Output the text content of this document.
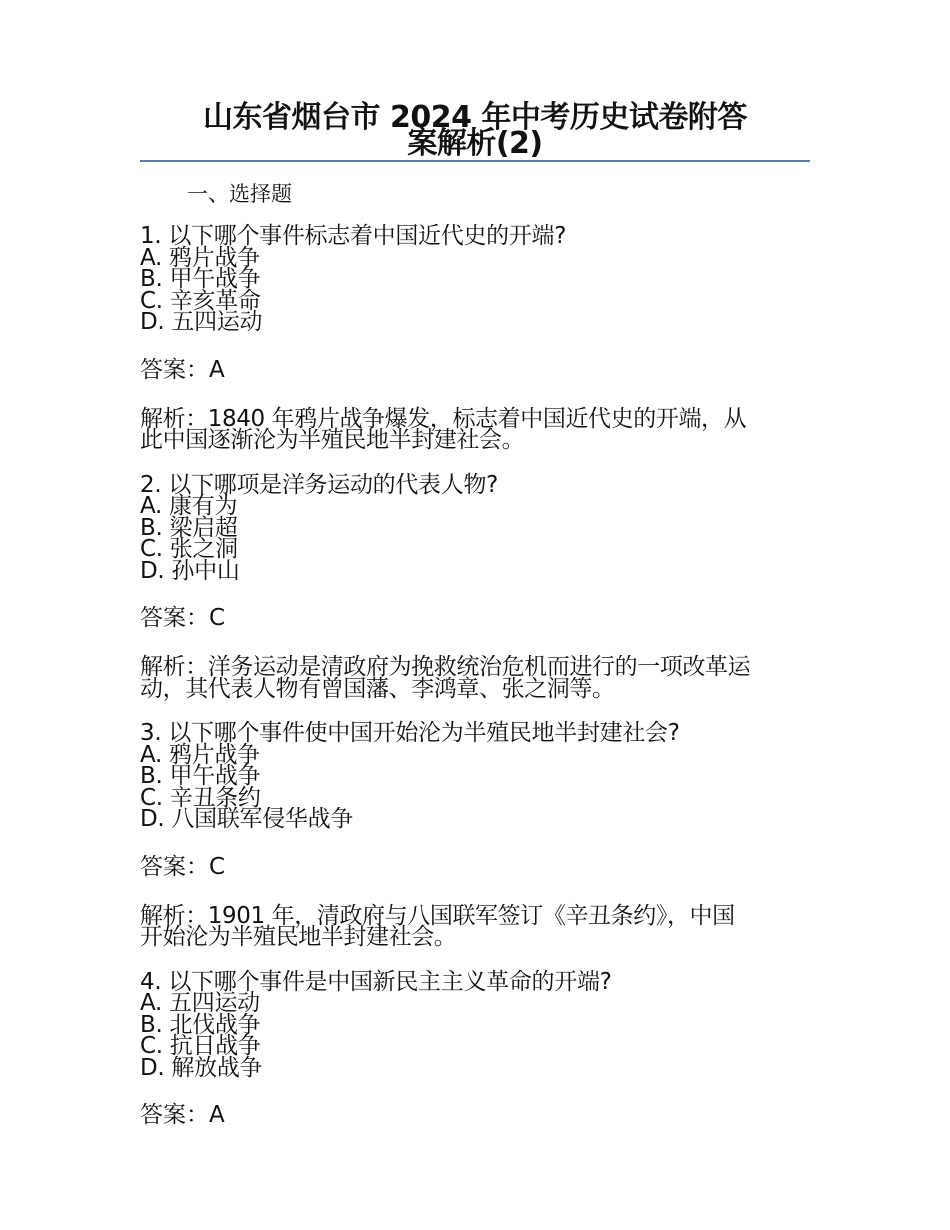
山东省烟台市 2024 年中考历史试卷附答
案解析(2)
一、选择题
1. 以下哪个事件标志着中国近代史的开端?
A. 鸦片战争
B. 甲午战争
C. 辛亥革命
D. 五四运动
答案：A
解析：1840 年鸦片战争爆发，标志着中国近代史的开端，从
此中国逐渐沦为半殖民地半封建社会。
2. 以下哪项是洋务运动的代表人物?
A. 康有为
B. 梁启超
C. 张之洞
D. 孙中山
答案：C
解析：洋务运动是清政府为挽救统治危机而进行的一项改革运
动，其代表人物有曾国藩、李鸿章、张之洞等。
3. 以下哪个事件使中国开始沦为半殖民地半封建社会?
A. 鸦片战争
B. 甲午战争
C. 辛丑条约
D. 八国联军侵华战争
答案：C
解析：1901 年，清政府与八国联军签订《辛丑条约》，中国
开始沦为半殖民地半封建社会。
4. 以下哪个事件是中国新民主主义革命的开端?
A. 五四运动
B. 北伐战争
C. 抗日战争
D. 解放战争
答案：A
